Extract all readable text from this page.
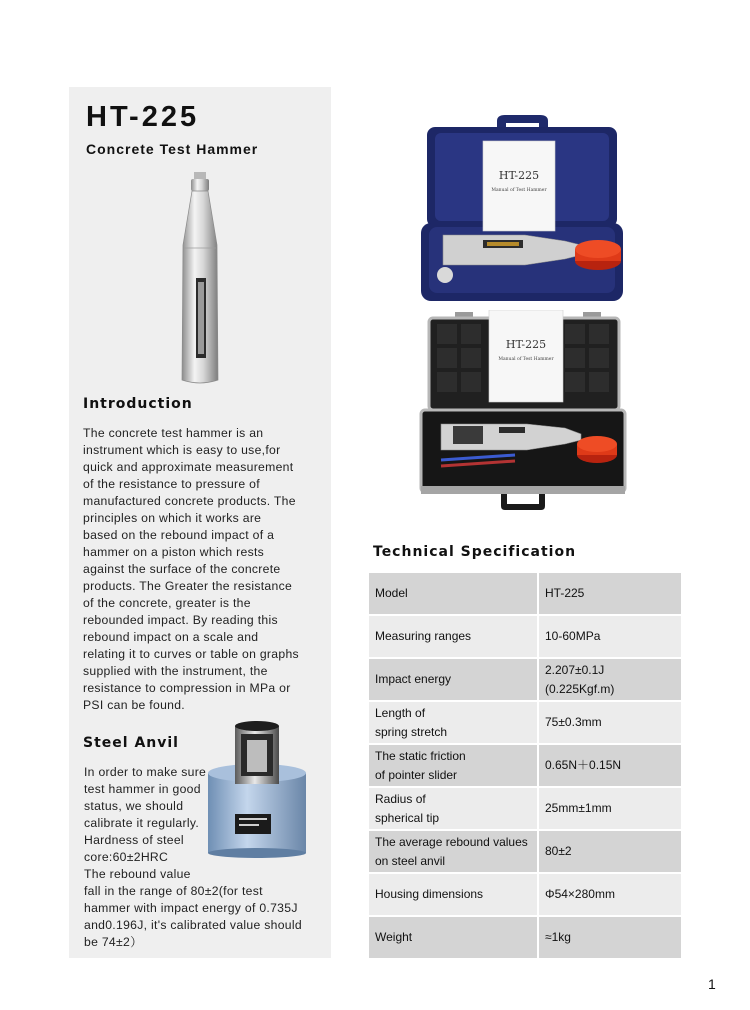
HT-225
Concrete Test Hammer
Introduction
The concrete test hammer is an
instrument which is easy to use,for
quick and approximate measurement
of the resistance to pressure of
manufactured concrete products. The
principles on which it works are
based on the rebound impact of a
hammer on a piston which rests
against the surface of the concrete
products. The Greater the resistance
of the concrete, greater is the
rebounded impact. By reading this
rebound impact on a scale and
relating it to curves or table on graphs
supplied with the instrument, the
resistance to compression in MPa or
PSI can be found.
Steel Anvil
In order to make sure
test hammer in good
status, we should
calibrate it regularly.
Hardness of steel
core:60±2HRC
The rebound value
fall in the range of 80±2(for test
hammer with impact energy of 0.735J
and0.196J, it's calibrated value should
be 74±2）
HT-225
Manual of Test Hammer
HT-225
Manual of Test Hammer
Technical Specification
Model	HT-225

Measuring ranges	10-60MPa

Impact energy	2.207±0.1J
(0.225Kgf.m)

Length of
spring stretch	75±0.3mm

The static friction
of pointer slider	0.65N＋0.15N

Radius of
spherical tip	25mm±1mm

The average rebound values
on steel anvil	80±2

Housing dimensions	Φ54×280mm

Weight	≈1kg
1
